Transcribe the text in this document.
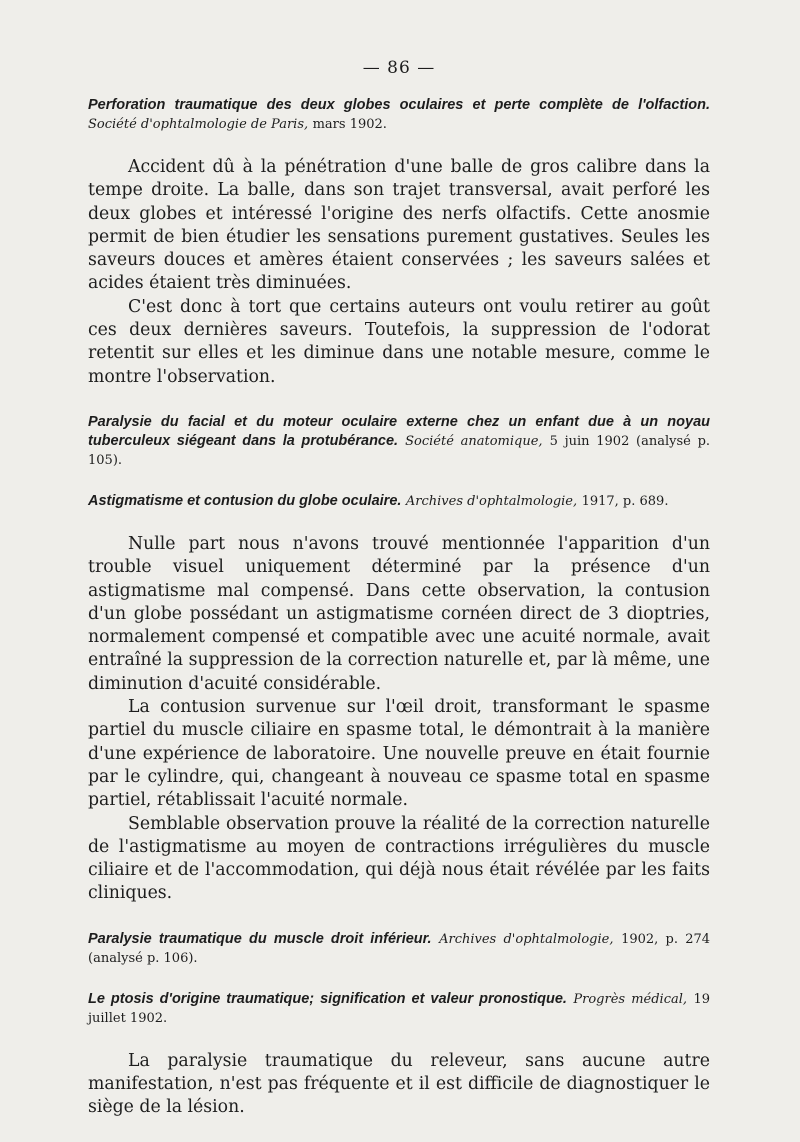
— 86 —
Perforation traumatique des deux globes oculaires et perte complète de l'olfaction. Société d'ophtalmologie de Paris, mars 1902.

Accident dû à la pénétration d'une balle de gros calibre dans la tempe droite. La balle, dans son trajet transversal, avait perforé les deux globes et intéressé l'origine des nerfs olfactifs. Cette anosmie permit de bien étudier les sensations purement gustatives. Seules les saveurs douces et amères étaient conservées ; les saveurs salées et acides étaient très diminuées.

C'est donc à tort que certains auteurs ont voulu retirer au goût ces deux dernières saveurs. Toutefois, la suppression de l'odorat retentit sur elles et les diminue dans une notable mesure, comme le montre l'observation.

Paralysie du facial et du moteur oculaire externe chez un enfant due à un noyau tuberculeux siégeant dans la protubérance. Société anatomique, 5 juin 1902 (analysé p. 105).
Astigmatisme et contusion du globe oculaire. Archives d'ophtalmologie, 1917, p. 689.

Nulle part nous n'avons trouvé mentionnée l'apparition d'un trouble visuel uniquement déterminé par la présence d'un astigmatisme mal compensé. Dans cette observation, la contusion d'un globe possédant un astigmatisme cornéen direct de 3 dioptries, normalement compensé et compatible avec une acuité normale, avait entraîné la suppression de la correction naturelle et, par là même, une diminution d'acuité considérable.

La contusion survenue sur l'œil droit, transformant le spasme partiel du muscle ciliaire en spasme total, le démontrait à la manière d'une expérience de laboratoire. Une nouvelle preuve en était fournie par le cylindre, qui, changeant à nouveau ce spasme total en spasme partiel, rétablissait l'acuité normale.

Semblable observation prouve la réalité de la correction naturelle de l'astigmatisme au moyen de contractions irrégulières du muscle ciliaire et de l'accommodation, qui déjà nous était révélée par les faits cliniques.

Paralysie traumatique du muscle droit inférieur. Archives d'ophtalmologie, 1902, p. 274 (analysé p. 106).
Le ptosis d'origine traumatique; signification et valeur pronostique. Progrès médical, 19 juillet 1902.

La paralysie traumatique du releveur, sans aucune autre manifestation, n'est pas fréquente et il est difficile de diagnostiquer le siège de la lésion.
